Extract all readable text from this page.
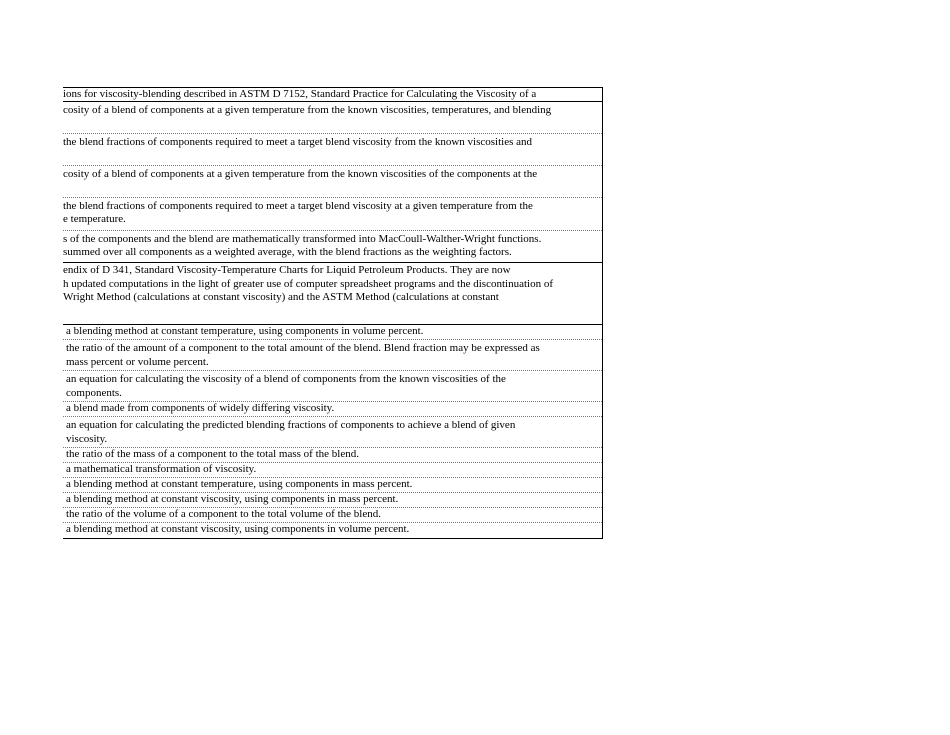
ions for viscosity-blending described in ASTM D 7152, Standard Practice for Calculating the Viscosity of a
cosity of a blend of components at a given temperature from the known viscosities, temperatures, and blending
the blend fractions of components required to meet a target blend viscosity from the known viscosities and
cosity of a blend of components at a given temperature from the known viscosities of the components at the
the blend fractions of components required to meet a target blend viscosity at a given temperature from the
e temperature.
s of the components and the blend are mathematically transformed into MacCoull-Walther-Wright functions.
summed over all components as a weighted average, with the blend fractions as the weighting factors.
endix of D 341, Standard Viscosity-Temperature Charts for Liquid Petroleum Products. They are now
h updated computations in the light of greater use of computer spreadsheet programs and the discontinuation of
Wright Method (calculations at constant viscosity) and the ASTM Method (calculations at constant
a blending method at constant temperature, using components in volume percent.
the ratio of the amount of a component to the total amount of the blend. Blend fraction may be expressed as
mass percent or volume percent.
an equation for calculating the viscosity of a blend of components from the known viscosities of the
components.
a blend made from components of widely differing viscosity.
an equation for calculating the predicted blending fractions of components to achieve a blend of given
viscosity.
the ratio of the mass of a component to the total mass of the blend.
a mathematical transformation of viscosity.
a blending method at constant temperature, using components in mass percent.
a blending method at constant viscosity, using components in mass percent.
the ratio of the volume of a component to the total volume of the blend.
a blending method at constant viscosity, using components in volume percent.
